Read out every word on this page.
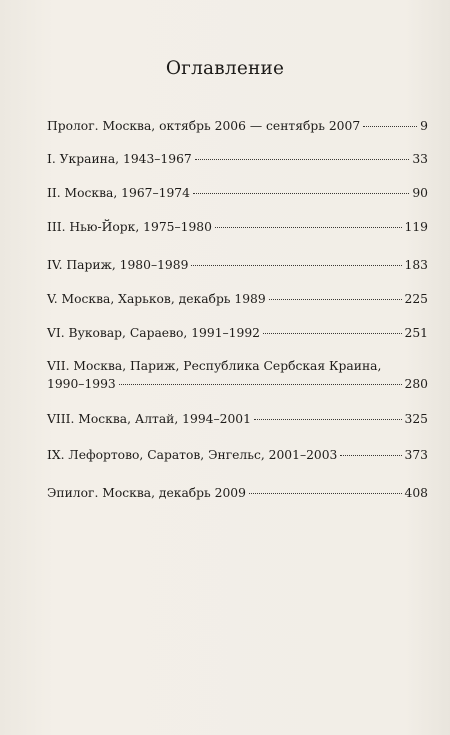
Оглавление
Пролог. Москва, октябрь 2006 — сентябрь 2007	9
I. Украина, 1943–1967	33
II. Москва, 1967–1974	90
III. Нью-Йорк, 1975–1980	119
IV. Париж, 1980–1989	183
V. Москва, Харьков, декабрь 1989	225
VI. Вуковар, Сараево, 1991–1992	251
VII. Москва, Париж, Республика Сербская Краина,
1990–1993	280
VIII. Москва, Алтай, 1994–2001	325
IX. Лефортово, Саратов, Энгельс, 2001–2003	373
Эпилог. Москва, декабрь 2009	408
